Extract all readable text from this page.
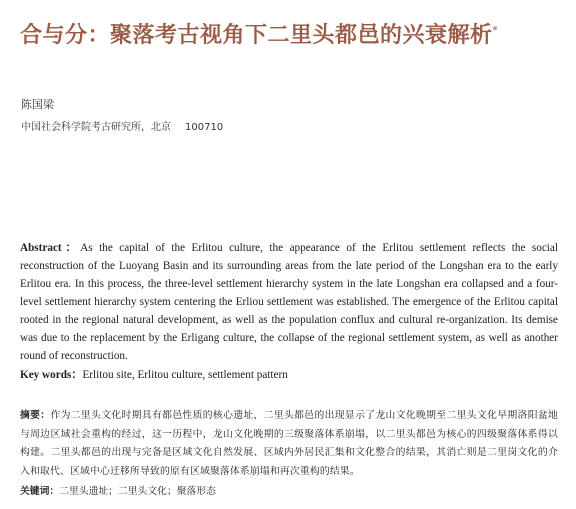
合与分：聚落考古视角下二里头都邑的兴衰解析*
陈国梁
中国社会科学院考古研究所，北京 100710

Abstract：As the capital of the Erlitou culture, the appearance of the Erlitou settlement reflects the social reconstruction of the Luoyang Basin and its surrounding areas from the late period of the Longshan era to the early Erlitou era. In this process, the three-level settlement hierarchy system in the late Longshan era collapsed and a four-level settlement hierarchy system centering the Erliou settlement was established. The emergence of the Erlitou capital rooted in the regional natural development, as well as the population conflux and cultural re-organization. Its demise was due to the replacement by the Erligang culture, the collapse of the regional settlement system, as well as another round of reconstruction.

Key words：Erlitou site, Erlitou culture, settlement pattern

摘要：作为二里头文化时期具有都邑性质的核心遗址，二里头都邑的出现显示了龙山文化晚期至二里头文化早期洛阳盆地与周边区域社会重构的经过，这一历程中，龙山文化晚期的三级聚落体系崩塌，以二里头都邑为核心的四级聚落体系得以构建。二里头都邑的出现与完备是区域文化自然发展、区域内外居民汇集和文化整合的结果，其消亡则是二里岗文化的介入和取代、区域中心迁移所导致的原有区域聚落体系崩塌和再次重构的结果。

关键词：二里头遗址；二里头文化；聚落形态
